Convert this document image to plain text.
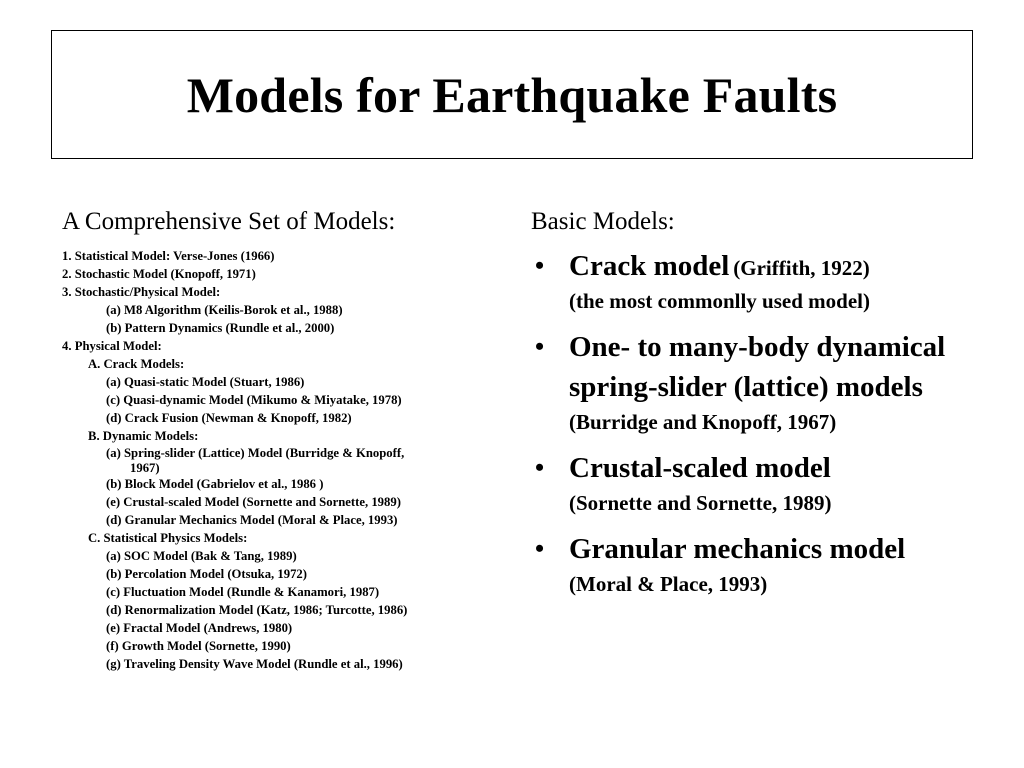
Models for Earthquake Faults
A Comprehensive Set of Models:
1. Statistical Model: Verse-Jones (1966)
2. Stochastic Model (Knopoff, 1971)
3. Stochastic/Physical Model:
(a) M8 Algorithm (Keilis-Borok et al., 1988)
(b) Pattern Dynamics (Rundle et al., 2000)
4. Physical Model:
A. Crack Models:
(a) Quasi-static Model (Stuart, 1986)
(c) Quasi-dynamic Model (Mikumo & Miyatake, 1978)
(d) Crack Fusion (Newman & Knopoff, 1982)
B. Dynamic Models:
(a) Spring-slider (Lattice) Model (Burridge & Knopoff,
1967)
(b) Block Model (Gabrielov et al., 1986 )
(e) Crustal-scaled Model (Sornette and Sornette, 1989)
(d) Granular Mechanics Model (Moral & Place, 1993)
C. Statistical Physics Models:
(a) SOC Model (Bak & Tang, 1989)
(b) Percolation Model (Otsuka, 1972)
(c) Fluctuation Model (Rundle & Kanamori, 1987)
(d) Renormalization Model (Katz, 1986; Turcotte, 1986)
(e) Fractal Model (Andrews, 1980)
(f) Growth Model (Sornette, 1990)
(g) Traveling Density Wave Model (Rundle et al., 1996)
Basic Models:
• Crack model (Griffith, 1922)
(the most commonlly used model)
• One- to many-body dynamical spring-slider (lattice) models (Burridge and Knopoff, 1967)
• Crustal-scaled model
(Sornette and Sornette, 1989)
• Granular mechanics model (Moral & Place, 1993)
